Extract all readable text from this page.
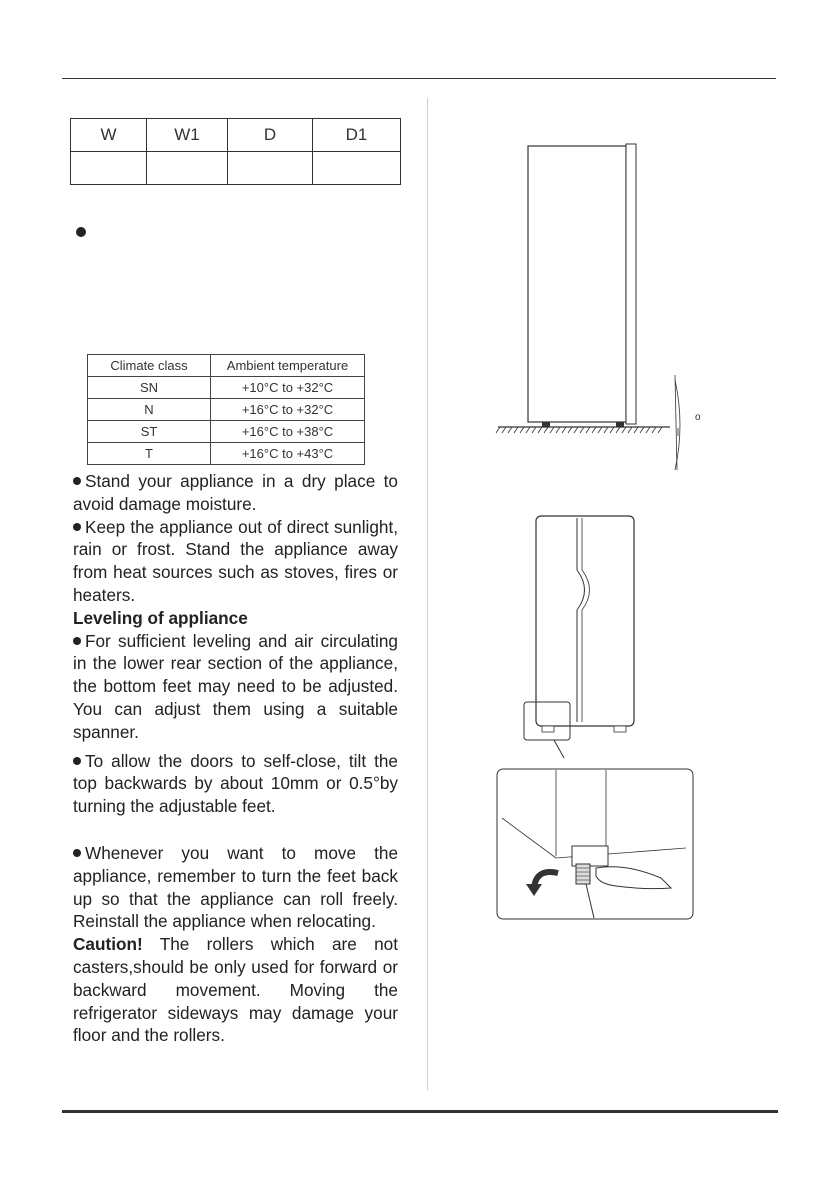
W	W1	D	D1

Climate class	Ambient temperature
SN	+10°C to +32°C
N	+16°C to +32°C
ST	+16°C to +38°C
T	+16°C to +43°C

Stand your appliance in a dry place to avoid damage moisture.

Keep the appliance out of direct sunlight, rain or frost. Stand the appliance away from heat sources such as stoves, fires or heaters.

Leveling of appliance

For sufficient leveling and air circulating in the lower rear section of the appliance, the bottom feet may need to be adjusted. You can adjust them using a suitable spanner.

To allow the doors to self-close, tilt the top backwards by about 10mm or 0.5°by turning the adjustable feet.

Whenever you want to move the appliance, remember to turn the feet back up so that the appliance can roll freely. Reinstall the appliance when relocating.

Caution! The rollers which are not casters,should be only used for forward or backward movement. Moving the refrigerator sideways may damage your floor and the rollers.

o
